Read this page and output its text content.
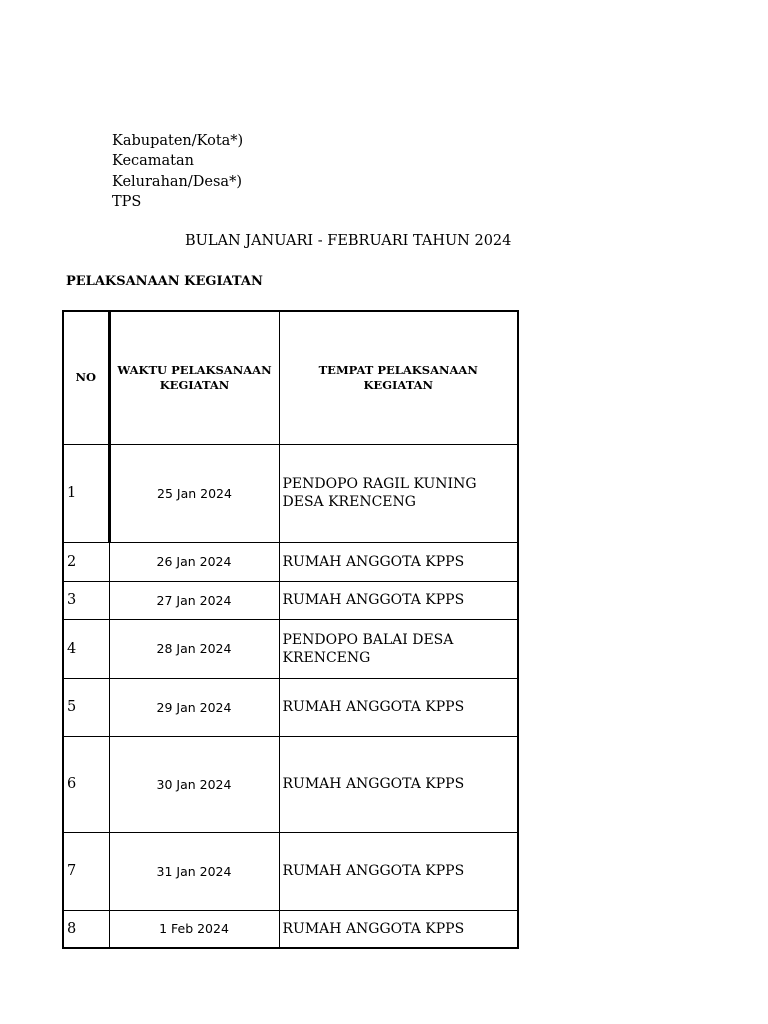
Kabupaten/Kota*)
Kecamatan
Kelurahan/Desa*)
TPS
BULAN JANUARI - FEBRUARI TAHUN 2024
PELAKSANAAN KEGIATAN
NO	WAKTU PELAKSANAAN KEGIATAN	TEMPAT PELAKSANAAN KEGIATAN
1	25 Jan 2024	PENDOPO RAGIL KUNING DESA KRENCENG
2	26 Jan 2024	RUMAH ANGGOTA KPPS
3	27 Jan 2024	RUMAH ANGGOTA KPPS
4	28 Jan 2024	PENDOPO BALAI DESA KRENCENG
5	29 Jan 2024	RUMAH ANGGOTA KPPS
6	30 Jan 2024	RUMAH ANGGOTA KPPS
7	31 Jan 2024	RUMAH ANGGOTA KPPS
8	1 Feb 2024	RUMAH ANGGOTA KPPS
